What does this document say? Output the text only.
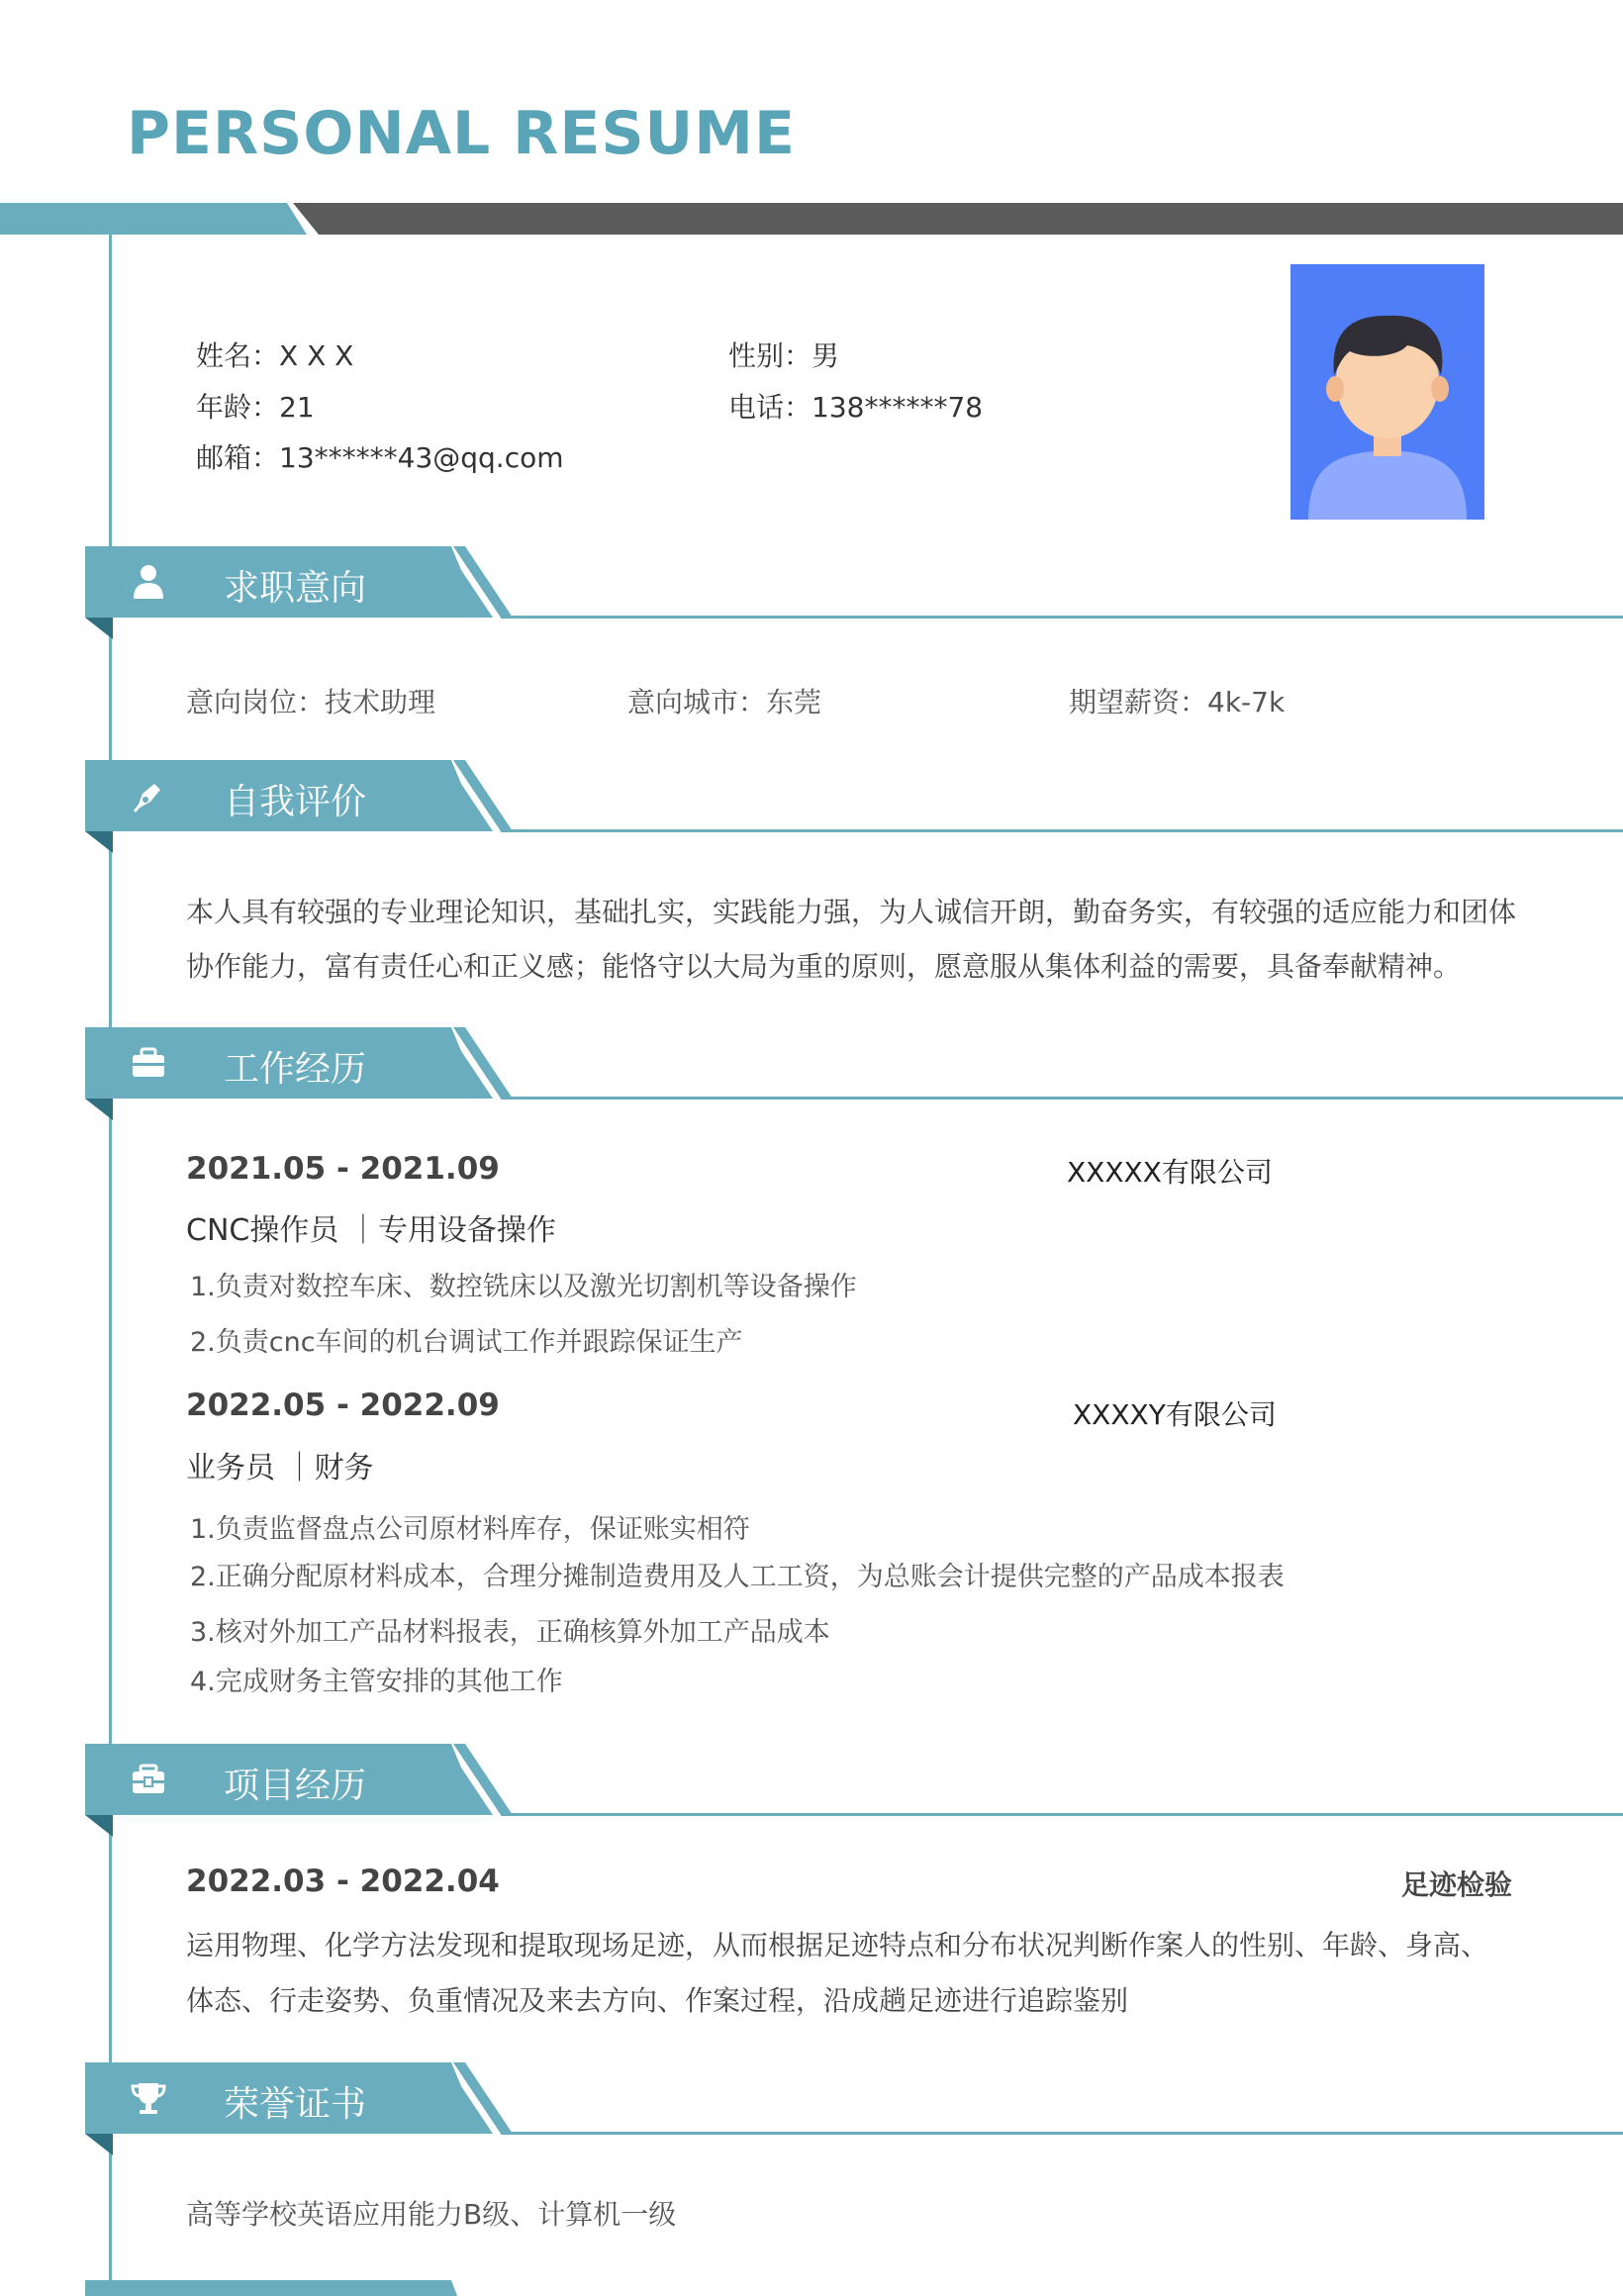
PERSONAL RESUME
姓名：X X X	性别：男
年龄：21	电话：138******78
邮箱：13******43@qq.com
求职意向
意向岗位：技术助理	意向城市：东莞	期望薪资：4k-7k
自我评价
本人具有较强的专业理论知识，基础扎实，实践能力强，为人诚信开朗，勤奋务实，有较强的适应能力和团体
协作能力，富有责任心和正义感；能恪守以大局为重的原则，愿意服从集体利益的需要，具备奉献精神。
工作经历
2021.05 - 2021.09	XXXXX有限公司
CNC操作员 ｜专用设备操作
1.负责对数控车床、数控铣床以及激光切割机等设备操作
2.负责cnc车间的机台调试工作并跟踪保证生产
2022.05 - 2022.09	XXXXY有限公司
业务员 ｜财务
1.负责监督盘点公司原材料库存，保证账实相符
2.正确分配原材料成本，合理分摊制造费用及人工工资，为总账会计提供完整的产品成本报表
3.核对外加工产品材料报表，正确核算外加工产品成本
4.完成财务主管安排的其他工作
项目经历
2022.03 - 2022.04	足迹检验
运用物理、化学方法发现和提取现场足迹，从而根据足迹特点和分布状况判断作案人的性别、年龄、身高、
体态、行走姿势、负重情况及来去方向、作案过程，沿成趟足迹进行追踪鉴别
荣誉证书
高等学校英语应用能力B级、计算机一级
